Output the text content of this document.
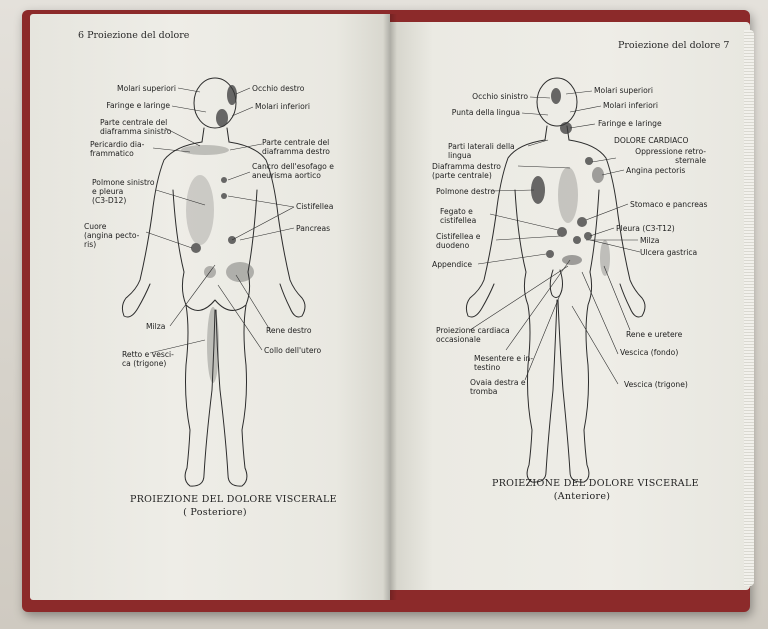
6 Proiezione del dolore
Proiezione del dolore 7
Molari superiori	Occhio destro
Faringe e laringe	Molari inferiori
Parte centrale del
diaframma sinistro
Parte centrale del
diaframma destro
Pericardio dia-
frammatico
Cancro dell'esofago e
aneurisma aortico
Polmone sinistro
e pleura
(C3-D12)
Cistifellea
Cuore
(angina pecto-
ris)
Pancreas
Milza	Rene destro
Retto e vesci-
ca (trigone)
Collo dell'utero
PROIEZIONE DEL DOLORE VISCERALE
( Posteriore)
Occhio sinistro
Molari superiori
Punta della lingua
Molari inferiori
Faringe e laringe
DOLORE CARDIACO
Parti laterali della
lingua	Oppressione retro-
sternale
Diaframma destro
(parte centrale)
Angina pectoris
Polmone destro
Stomaco e pancreas
Fegato e
cistifellea
Pleura (C3-T12)
Cistifellea e
duodeno
Milza
Ulcera gastrica
Appendice
Proiezione cardiaca
occasionale
Rene e uretere
Mesentere e in-
testino
Vescica (fondo)
Ovaia destra e
tromba
Vescica (trigone)
PROIEZIONE DEL DOLORE VISCERALE
(Anteriore)
